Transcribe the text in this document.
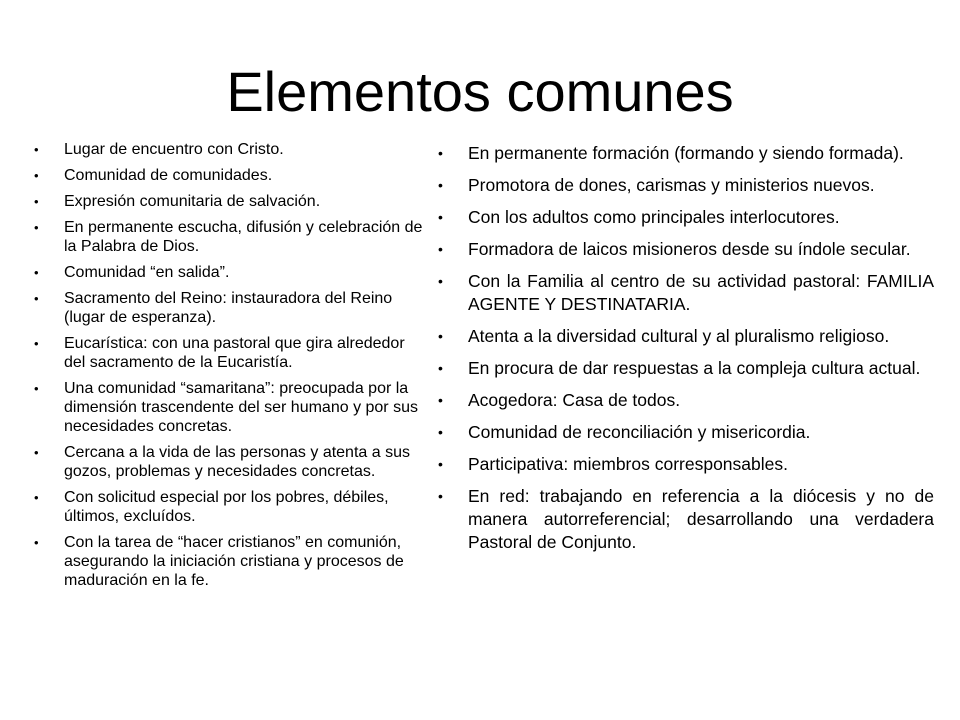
Elementos comunes
• Lugar de encuentro con Cristo.
• Comunidad de comunidades.
• Expresión comunitaria de salvación.
• En permanente escucha, difusión y celebración de la Palabra de Dios.
• Comunidad “en salida”.
• Sacramento del Reino: instauradora del Reino (lugar de esperanza).
• Eucarística: con una pastoral que gira alrededor del sacramento de la Eucaristía.
• Una comunidad “samaritana”: preocupada por la dimensión trascendente del ser humano y por sus necesidades concretas.
• Cercana a la vida de las personas y atenta a sus gozos, problemas y necesidades concretas.
• Con solicitud especial por los pobres, débiles, últimos, excluídos.
• Con la tarea de “hacer cristianos” en comunión, asegurando la iniciación cristiana y procesos de maduración en la fe.
• En permanente formación (formando y siendo formada).
• Promotora de dones, carismas y ministerios nuevos.
• Con los adultos como principales interlocutores.
• Formadora de laicos misioneros desde su índole secular.
• Con la Familia al centro de su actividad pastoral: FAMILIA AGENTE Y DESTINATARIA.
• Atenta a la diversidad cultural y al pluralismo religioso.
• En procura de dar respuestas a la compleja cultura actual.
• Acogedora: Casa de todos.
• Comunidad de reconciliación y misericordia.
• Participativa: miembros corresponsables.
• En red: trabajando en referencia a la diócesis y no de manera autorreferencial; desarrollando una verdadera Pastoral de Conjunto.
